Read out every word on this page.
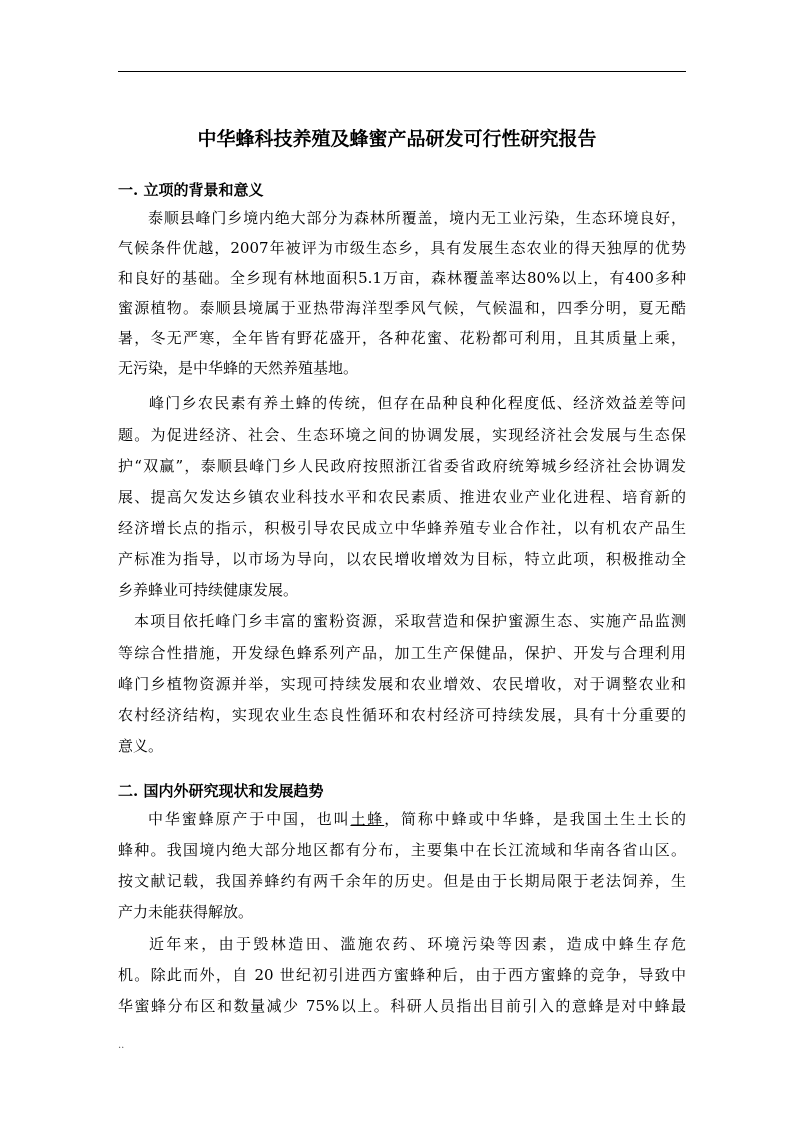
中华蜂科技养殖及蜂蜜产品研发可行性研究报告
一. 立项的背景和意义
泰顺县峰门乡境内绝大部分为森林所覆盖，境内无工业污染，生态环境良好，
气候条件优越，2007年被评为市级生态乡，具有发展生态农业的得天独厚的优势
和良好的基础。全乡现有林地面积5.1万亩，森林覆盖率达80%以上，有400多种
蜜源植物。泰顺县境属于亚热带海洋型季风气候，气候温和，四季分明，夏无酷
暑，冬无严寒，全年皆有野花盛开，各种花蜜、花粉都可利用，且其质量上乘，
无污染，是中华蜂的天然养殖基地。
峰门乡农民素有养土蜂的传统，但存在品种良种化程度低、经济效益差等问
题。为促进经济、社会、生态环境之间的协调发展，实现经济社会发展与生态保
护“双赢”，泰顺县峰门乡人民政府按照浙江省委省政府统筹城乡经济社会协调发
展、提高欠发达乡镇农业科技水平和农民素质、推进农业产业化进程、培育新的
经济增长点的指示，积极引导农民成立中华蜂养殖专业合作社，以有机农产品生
产标准为指导，以市场为导向，以农民增收增效为目标，特立此项，积极推动全
乡养蜂业可持续健康发展。
本项目依托峰门乡丰富的蜜粉资源，采取营造和保护蜜源生态、实施产品监测
等综合性措施，开发绿色蜂系列产品，加工生产保健品，保护、开发与合理利用
峰门乡植物资源并举，实现可持续发展和农业增效、农民增收，对于调整农业和
农村经济结构，实现农业生态良性循环和农村经济可持续发展，具有十分重要的
意义。
二. 国内外研究现状和发展趋势
中华蜜蜂原产于中国，也叫土蜂，简称中蜂或中华蜂，是我国土生土长的
蜂种。我国境内绝大部分地区都有分布，主要集中在长江流域和华南各省山区。
按文献记载，我国养蜂约有两千余年的历史。但是由于长期局限于老法饲养，生
产力未能获得解放。
近年来，由于毁林造田、滥施农药、环境污染等因素，造成中蜂生存危
机。除此而外，自 20 世纪初引进西方蜜蜂种后，由于西方蜜蜂的竞争，导致中
华蜜蜂分布区和数量减少 75%以上。科研人员指出目前引入的意蜂是对中蜂最
..
